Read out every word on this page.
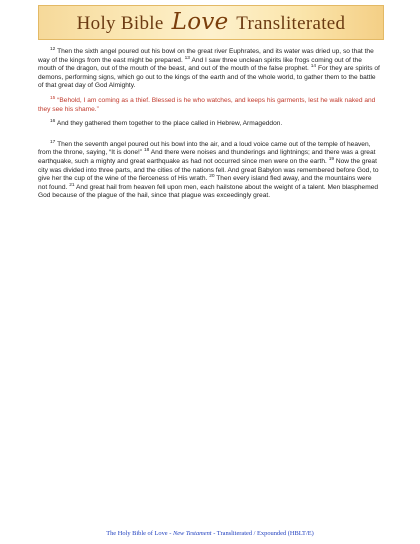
Holy Bible Love Transliterated

$^{12}$ Then the sixth angel poured out his bowl on the great river Euphrates, and its water was dried up, so that the way of the kings from the east might be prepared. $^{13}$ And I saw three unclean spirits like frogs coming out of the mouth of the dragon, out of the mouth of the beast, and out of the mouth of the false prophet. $^{14}$ For they are spirits of demons, performing signs, which go out to the kings of the earth and of the whole world, to gather them to the battle of that great day of God Almighty.

$^{15}$ “Behold, I am coming as a thief. Blessed is he who watches, and keeps his garments, lest he walk naked and they see his shame.”

$^{16}$ And they gathered them together to the place called in Hebrew, Armageddon.

$^{17}$ Then the seventh angel poured out his bowl into the air, and a loud voice came out of the temple of heaven, from the throne, saying, “It is done!” $^{18}$ And there were noises and thunderings and lightnings; and there was a great earthquake, such a mighty and great earthquake as had not occurred since men were on the earth. $^{19}$ Now the great city was divided into three parts, and the cities of the nations fell. And great Babylon was remembered before God, to give her the cup of the wine of the fierceness of His wrath. $^{20}$ Then every island fled away, and the mountains were not found. $^{21}$ And great hail from heaven fell upon men, each hailstone about the weight of a talent. Men blasphemed God because of the plague of the hail, since that plague was exceedingly great.

The Holy Bible of Love - New Testament - Transliterated / Expounded (HBLT/E)
